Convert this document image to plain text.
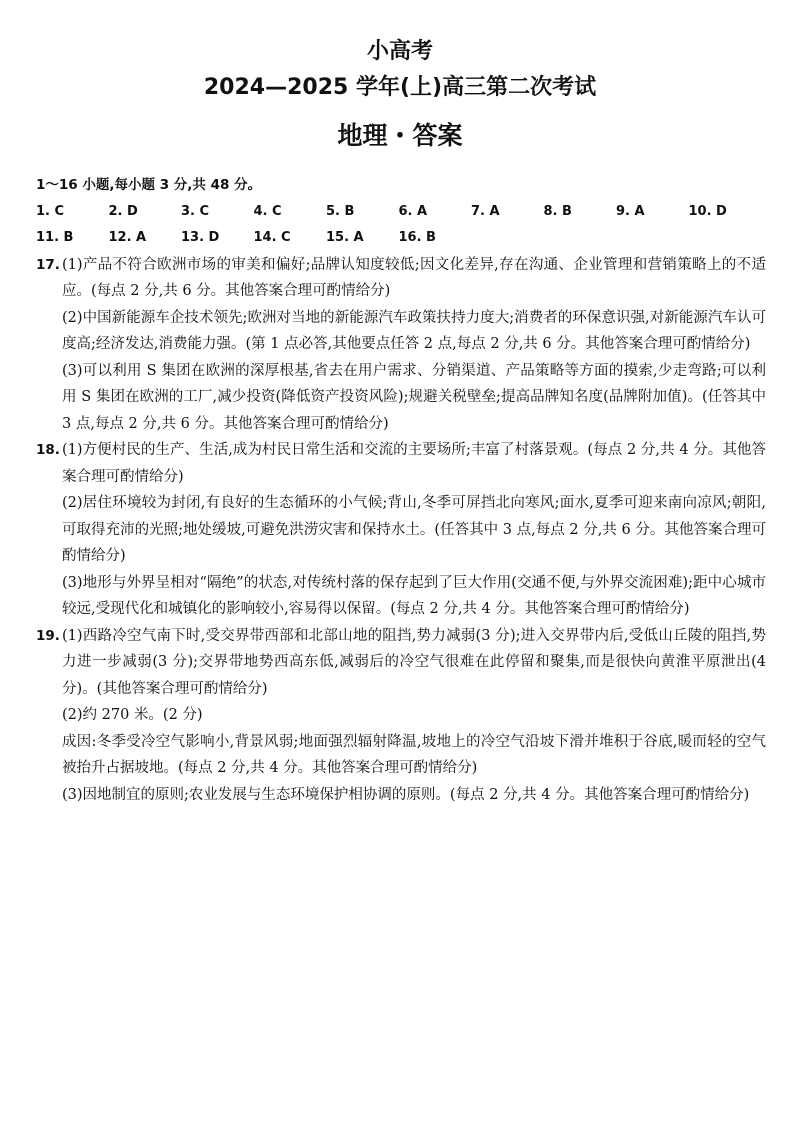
小高考
2024—2025 学年(上)高三第二次考试
地理・答案

1～16 小题,每小题 3 分,共 48 分。

1. C	2. D	3. C	4. C	5. B	6. A	7. A	8. B	9. A	10. D
11. B	12. A	13. D	14. C	15. A	16. B
17. (1)产品不符合欧洲市场的审美和偏好;品牌认知度较低;因文化差异,存在沟通、企业管理和营销策略上的不适应。(每点 2 分,共 6 分。其他答案合理可酌情给分)

(2)中国新能源车企技术领先;欧洲对当地的新能源汽车政策扶持力度大;消费者的环保意识强,对新能源汽车认可度高;经济发达,消费能力强。(第 1 点必答,其他要点任答 2 点,每点 2 分,共 6 分。其他答案合理可酌情给分)

(3)可以利用 S 集团在欧洲的深厚根基,省去在用户需求、分销渠道、产品策略等方面的摸索,少走弯路;可以利用 S 集团在欧洲的工厂,减少投资(降低资产投资风险);规避关税壁垒;提高品牌知名度(品牌附加值)。(任答其中 3 点,每点 2 分,共 6 分。其他答案合理可酌情给分)

18. (1)方便村民的生产、生活,成为村民日常生活和交流的主要场所;丰富了村落景观。(每点 2 分,共 4 分。其他答案合理可酌情给分)

(2)居住环境较为封闭,有良好的生态循环的小气候;背山,冬季可屏挡北向寒风;面水,夏季可迎来南向凉风;朝阳,可取得充沛的光照;地处缓坡,可避免洪涝灾害和保持水土。(任答其中 3 点,每点 2 分,共 6 分。其他答案合理可酌情给分)

(3)地形与外界呈相对“隔绝”的状态,对传统村落的保存起到了巨大作用(交通不便,与外界交流困难);距中心城市较远,受现代化和城镇化的影响较小,容易得以保留。(每点 2 分,共 4 分。其他答案合理可酌情给分)

19. (1)西路冷空气南下时,受交界带西部和北部山地的阻挡,势力减弱(3 分);进入交界带内后,受低山丘陵的阻挡,势力进一步减弱(3 分);交界带地势西高东低,减弱后的冷空气很难在此停留和聚集,而是很快向黄淮平原泄出(4 分)。(其他答案合理可酌情给分)

(2)约 270 米。(2 分)

成因:冬季受冷空气影响小,背景风弱;地面强烈辐射降温,坡地上的冷空气沿坡下滑并堆积于谷底,暖而轻的空气被抬升占据坡地。(每点 2 分,共 4 分。其他答案合理可酌情给分)

(3)因地制宜的原则;农业发展与生态环境保护相协调的原则。(每点 2 分,共 4 分。其他答案合理可酌情给分)
